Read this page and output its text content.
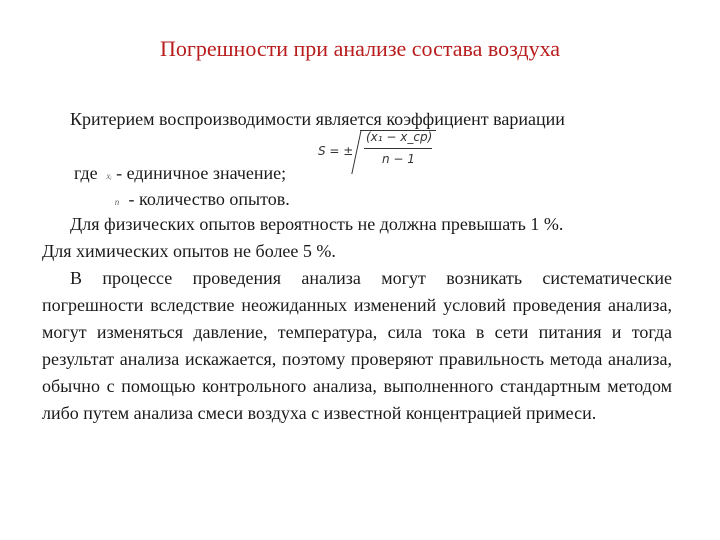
Погрешности при анализе состава воздуха
Критерием воспроизводимости является коэффициент вариации
S = ±
(x₁ − x_ср)
n − 1
где xᵢ - единичное значение;
n - количество опытов.

Для физических опытов вероятность не должна превышать 1 %.

Для химических опытов не более 5 %.

В процессе проведения анализа могут возникать систематические погрешности вследствие неожиданных изменений условий проведения анализа, могут изменяться давление, температура, сила тока в сети питания и тогда результат анализа искажается, поэтому проверяют правильность метода анализа, обычно с помощью контрольного анализа, выполненного стандартным методом либо путем анализа смеси воздуха с известной концентрацией примеси.
